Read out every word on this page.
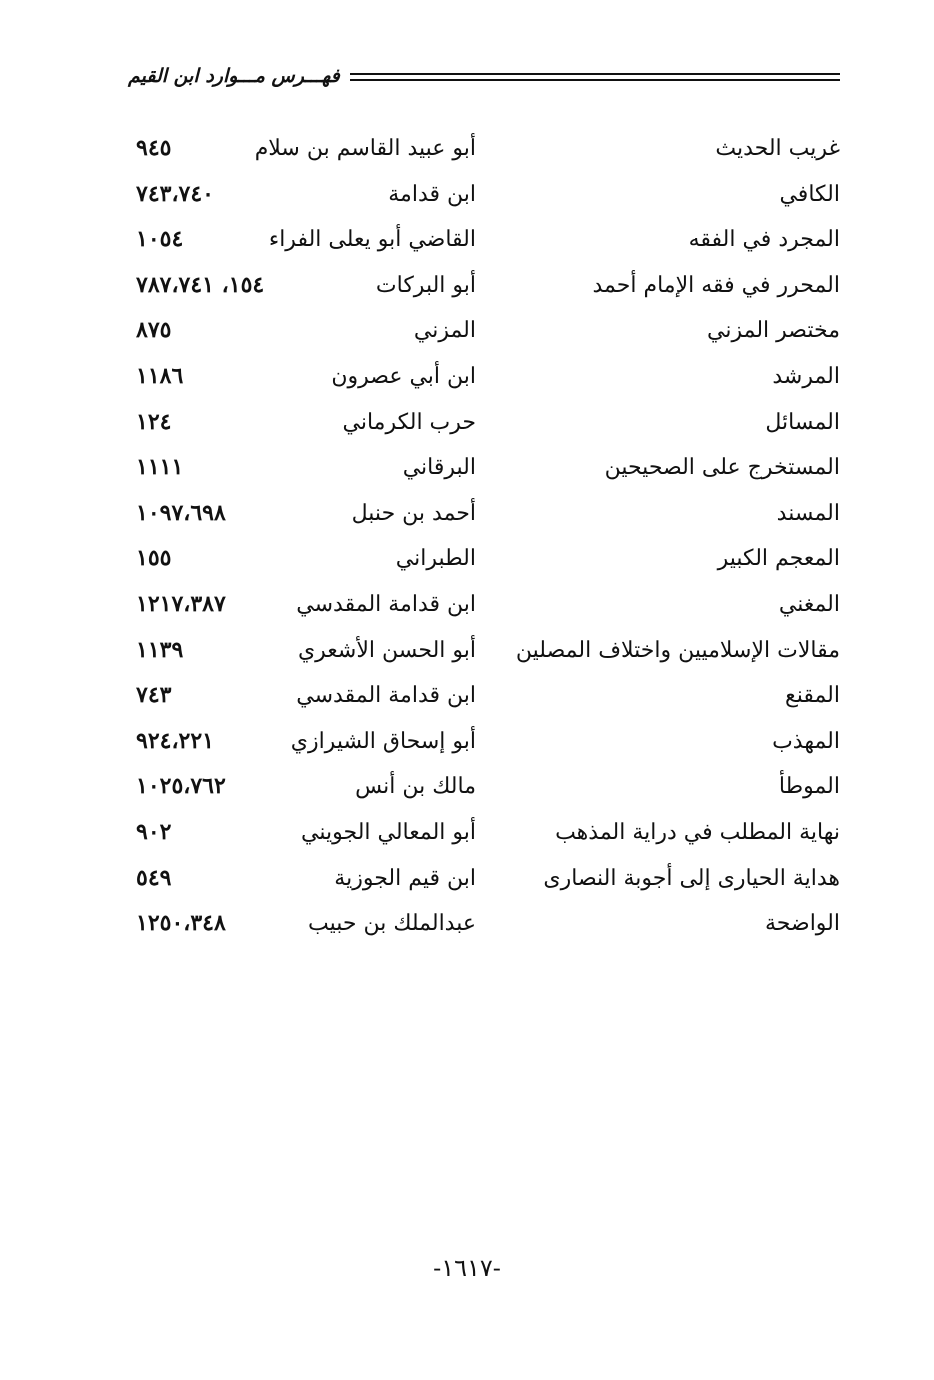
فهـــرس مـــوارد ابن القيم
غريب الحديث
أبو عبيد القاسم بن سلام
٩٤٥
الكافي
ابن قدامة
٧٤٣،٧٤٠
المجرد في الفقه
القاضي أبو يعلى الفراء
١٠٥٤
المحرر في فقه الإمام أحمد
أبو البركات
١٥٤، ٧٨٧،٧٤١
مختصر المزني
المزني
٨٧٥
المرشد
ابن أبي عصرون
١١٨٦
المسائل
حرب الكرماني
١٢٤
المستخرج على الصحيحين
البرقاني
١١١١
المسند
أحمد بن حنبل
١٠٩٧،٦٩٨
المعجم الكبير
الطبراني
١٥٥
المغني
ابن قدامة المقدسي
١٢١٧،٣٨٧
مقالات الإسلاميين واختلاف المصلين
أبو الحسن الأشعري
١١٣٩
المقنع
ابن قدامة المقدسي
٧٤٣
المهذب
أبو إسحاق الشيرازي
٩٢٤،٢٢١
الموطأ
مالك بن أنس
١٠٢٥،٧٦٢
نهاية المطلب في دراية المذهب
أبو المعالي الجويني
٩٠٢
هداية الحيارى إلى أجوبة النصارى
ابن قيم الجوزية
٥٤٩
الواضحة
عبدالملك بن حبيب
١٢٥٠،٣٤٨
-١٦١٧-
